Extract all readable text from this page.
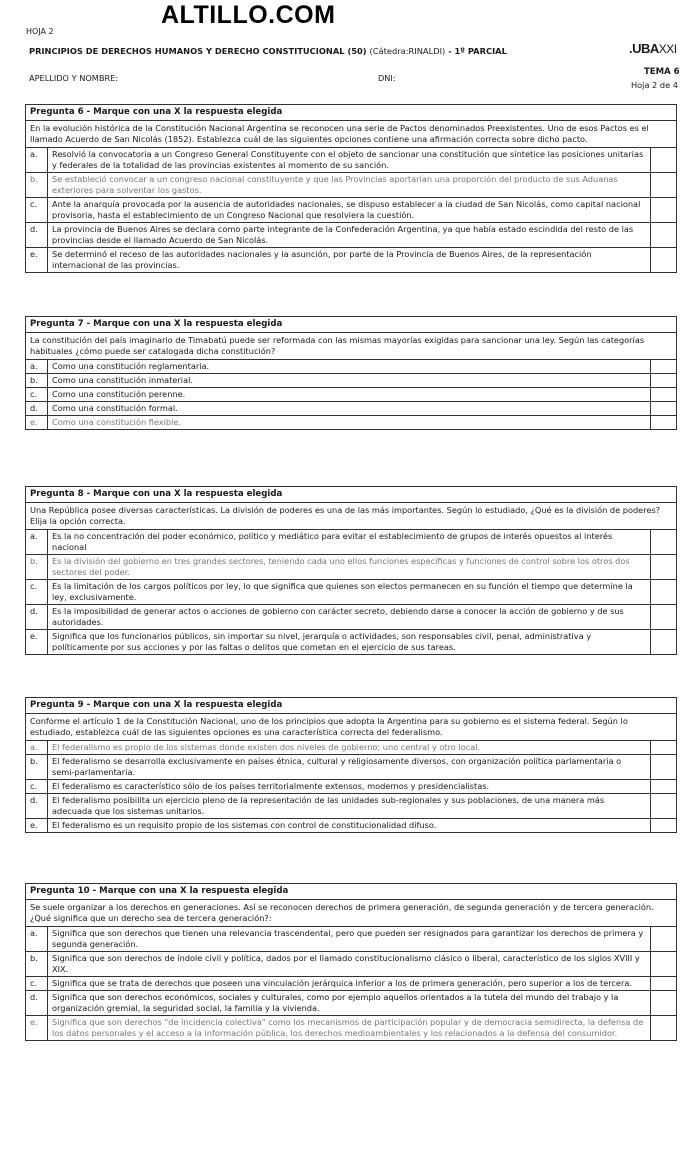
ALTILLO.COM
HOJA 2
PRINCIPIOS DE DERECHOS HUMANOS Y DERECHO CONSTITUCIONAL (50) (Cátedra:RINALDI) - 1º PARCIAL	.UBAXXI
APELLIDO Y NOMBRE:	DNI:
TEMA 6
Hoja 2 de 4
Pregunta 6 - Marque con una X la respuesta elegida		
En la evolución histórica de la Constitución Nacional Argentina se reconocen una serie de Pactos denominados Preexistentes. Uno de esos Pactos es el llamado Acuerdo de San Nicolás (1852). Establezca cuál de las siguientes opciones contiene una afirmación correcta sobre dicho pacto.		
a.	Resolvió la convocatoria a un Congreso General Constituyente con el objeto de sancionar una constitución que sintetice las posiciones unitarias y federales de la totalidad de las provincias existentes al momento de su sanción.	
b.	Se estableció convocar a un congreso nacional constituyente y que las Provincias aportarían una proporción del producto de sus Aduanas exteriores para solventar los gastos.	
c.	Ante la anarquía provocada por la ausencia de autoridades nacionales, se dispuso establecer a la ciudad de San Nicolás, como capital nacional provisoria, hasta el establecimiento de un Congreso Nacional que resolviera la cuestión.	
d.	La provincia de Buenos Aires se declara como parte integrante de la Confederación Argentina, ya que había estado escindida del resto de las provincias desde el llamado Acuerdo de San Nicolás.	
e.	Se determinó el receso de las autoridades nacionales y la asunción, por parte de la Provincia de Buenos Aires, de la representación internacional de las provincias.	
Pregunta 7 - Marque con una X la respuesta elegida		
La constitución del país imaginario de Timabatú puede ser reformada con las mismas mayorías exigidas para sancionar una ley. Según las categorías habituales ¿cómo puede ser catalogada dicha constitución?		
a.	Como una constitución reglamentaria.	
b.	Como una constitución inmaterial.	
c.	Como una constitución perenne.	
d.	Como una constitución formal.	
e.	Como una constitución flexible.	
Pregunta 8 - Marque con una X la respuesta elegida		
Una República posee diversas características. La división de poderes es una de las más importantes. Según lo estudiado, ¿Qué es la división de poderes? Elija la opción correcta.		
a.	Es la no concentración del poder económico, político y mediático para evitar el establecimiento de grupos de interés opuestos al interés nacional	
b.	Es la división del gobierno en tres grandes sectores, teniendo cada uno ellos funciones específicas y funciones de control sobre los otros dos sectores del poder.	
c.	Es la limitación de los cargos políticos por ley, lo que significa que quienes son electos permanecen en su función el tiempo que determine la ley, exclusivamente.	
d.	Es la imposibilidad de generar actos o acciones de gobierno con carácter secreto, debiendo darse a conocer la acción de gobierno y de sus autoridades.	
e.	Significa que los funcionarios públicos, sin importar su nivel, jerarquía o actividades, son responsables civil, penal, administrativa y políticamente por sus acciones y por las faltas o delitos que cometan en el ejercicio de sus tareas.	
Pregunta 9 - Marque con una X la respuesta elegida		
Conforme el artículo 1 de la Constitución Nacional, uno de los principios que adopta la Argentina para su gobierno es el sistema federal. Según lo estudiado, establezca cuál de las siguientes opciones es una característica correcta del federalismo.		
a.	El federalismo es propio de los sistemas donde existen dos niveles de gobierno; uno central y otro local.	
b.	El federalismo se desarrolla exclusivamente en países étnica, cultural y religiosamente diversos, con organización política parlamentaria o semi-parlamentaria.	
c.	El federalismo es característico sólo de los países territorialmente extensos, modernos y presidencialistas.	
d.	El federalismo posibilita un ejercicio pleno de la representación de las unidades sub-regionales y sus poblaciones, de una manera más adecuada que los sistemas unitarios.	
e.	El federalismo es un requisito propio de los sistemas con control de constitucionalidad difuso.	
Pregunta 10 - Marque con una X la respuesta elegida		
Se suele organizar a los derechos en generaciones. Así se reconocen derechos de primera generación, de segunda generación y de tercera generación. ¿Qué significa que un derecho sea de tercera generación?:		
a.	Significa que son derechos que tienen una relevancia trascendental, pero que pueden ser resignados para garantizar los derechos de primera y segunda generación.	
b.	Significa que son derechos de índole civil y política, dados por el llamado constitucionalismo clásico o liberal, característico de los siglos XVIII y XIX.	
c.	Significa que se trata de derechos que poseen una vinculación jerárquica inferior a los de primera generación, pero superior a los de tercera.	
d.	Significa que son derechos económicos, sociales y culturales, como por ejemplo aquellos orientados a la tutela del mundo del trabajo y la organización gremial, la seguridad social, la familia y la vivienda.	
e.	Significa que son derechos "de incidencia colectiva" como los mecanismos de participación popular y de democracia semidirecta, la defensa de los datos personales y el acceso a la información pública, los derechos medioambientales y los relacionados a la defensa del consumidor.	
